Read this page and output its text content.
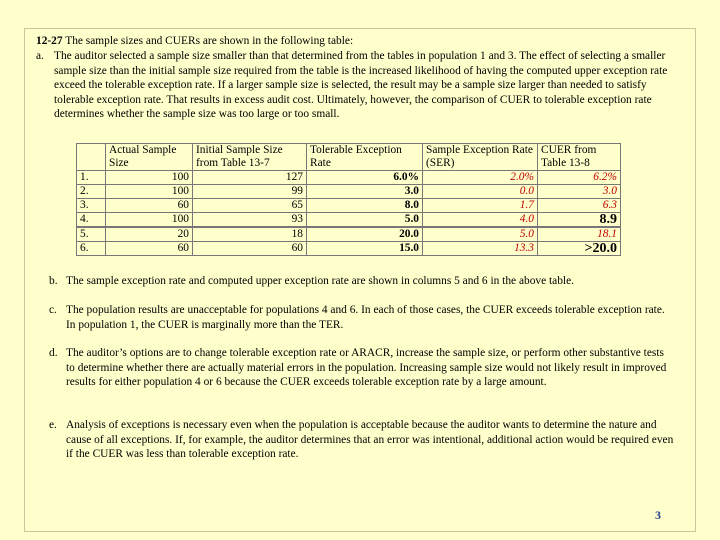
12-27 The sample sizes and CUERs are shown in the following table:
a. The auditor selected a sample size smaller than that determined from the tables in population 1 and 3. The effect of selecting a smaller sample size than the initial sample size required from the table is the increased likelihood of having the computed upper exception rate exceed the tolerable exception rate. If a larger sample size is selected, the result may be a sample size larger than needed to satisfy tolerable exception rate. That results in excess audit cost. Ultimately, however, the comparison of CUER to tolerable exception rate determines whether the sample size was too large or too small.
	Actual Sample Size	Initial Sample Size from Table 13-7	Tolerable Exception Rate	Sample Exception Rate (SER)	CUER from Table 13-8
1.	100	127	6.0%	2.0%	6.2%
2.	100	99	3.0	0.0	3.0
3.	60	65	8.0	1.7	6.3
4.	100	93	5.0	4.0	8.9
5.	20	18	20.0	5.0	18.1
6.	60	60	15.0	13.3	>20.0
b. The sample exception rate and computed upper exception rate are shown in columns 5 and 6 in the above table.
c. The population results are unacceptable for populations 4 and 6. In each of those cases, the CUER exceeds tolerable exception rate. In population 1, the CUER is marginally more than the TER.
d. The auditor’s options are to change tolerable exception rate or ARACR, increase the sample size, or perform other substantive tests to determine whether there are actually material errors in the population. Increasing sample size would not likely result in improved results for either population 4 or 6 because the CUER exceeds tolerable exception rate by a large amount.
e. Analysis of exceptions is necessary even when the population is acceptable because the auditor wants to determine the nature and cause of all exceptions. If, for example, the auditor determines that an error was intentional, additional action would be required even if the CUER was less than tolerable exception rate.
3
